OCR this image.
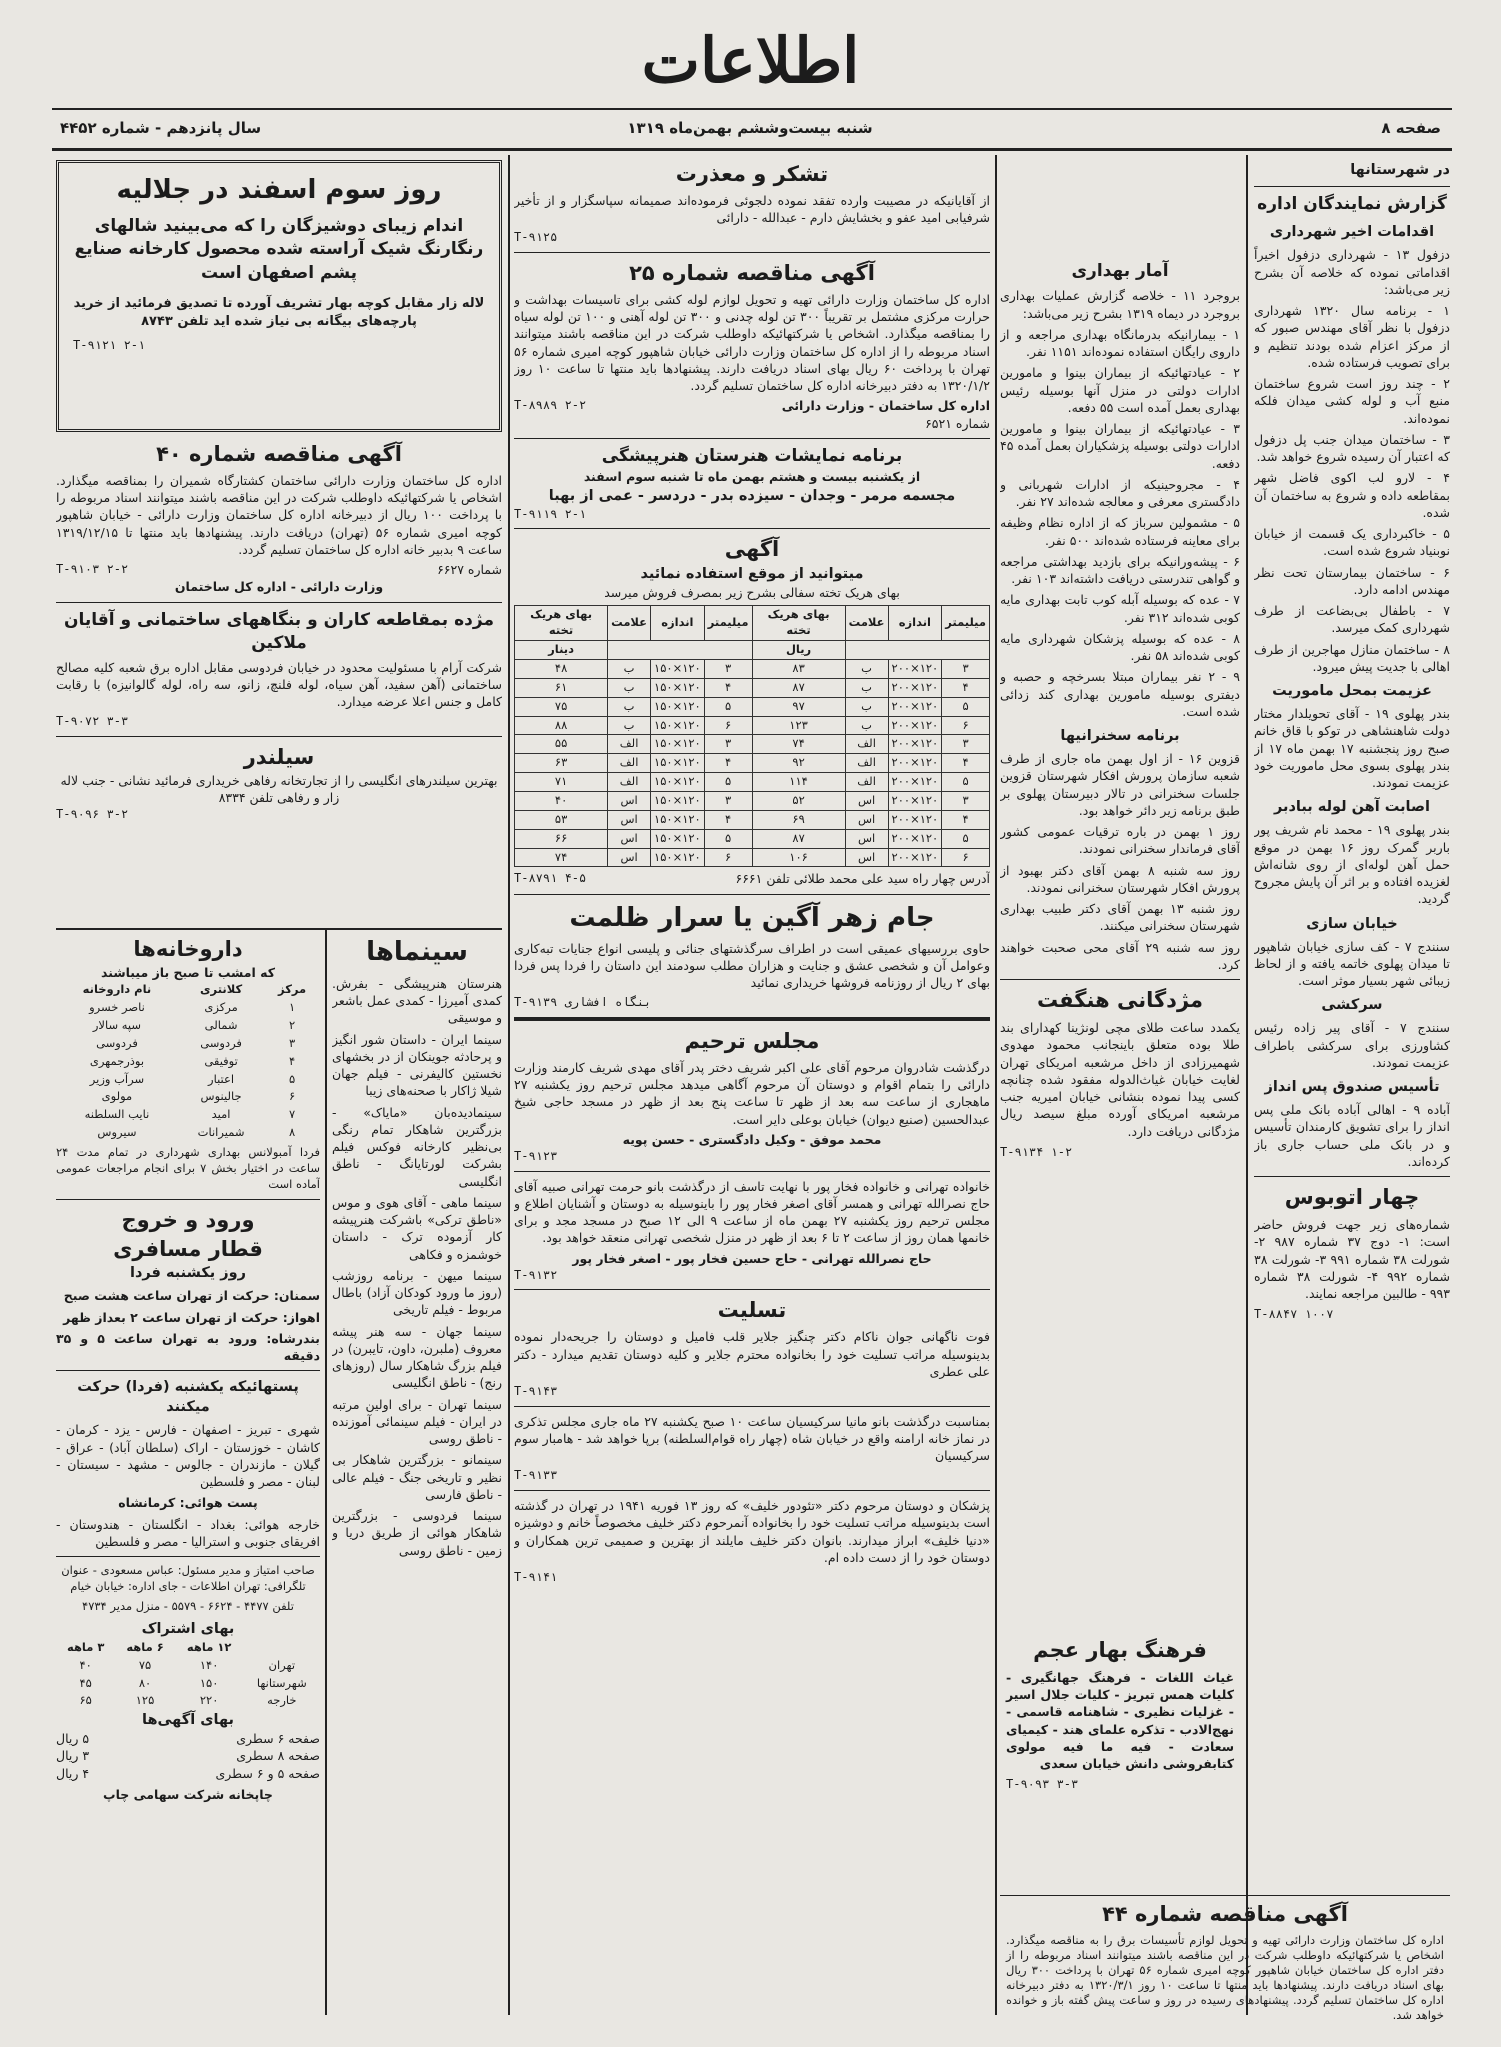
اطلاعات
صفحه ۸
شنبه بیست‌وششم بهمن‌ماه ۱۳۱۹
سال پانزدهم - شماره ۴۴۵۲
در شهرستانها
گزارش نمایندگان اداره
اقدامات اخیر شهرداری
دزفول ۱۳ - شهرداری دزفول اخیراً اقداماتی نموده که خلاصه آن بشرح زیر می‌باشد:
۱ - برنامه سال ۱۳۲۰ شهرداری دزفول با نظر آقای مهندس صبور که از مرکز اعزام شده بودند تنظیم و برای تصویب فرستاده شده.
۲ - چند روز است شروع ساختمان منبع آب و لوله کشی میدان فلکه نموده‌اند.
۳ - ساختمان میدان جنب پل دزفول که اعتبار آن رسیده شروع خواهد شد.
۴ - لارو لب اکوی فاضل شهر بمقاطعه داده و شروع به ساختمان آن شده.
۵ - خاکبرداری یک قسمت از خیابان نوبنیاد شروع شده است.
۶ - ساختمان بیمارستان تحت نظر مهندس ادامه دارد.
۷ - باطفال بی‌بضاعت از طرف شهرداری کمک میرسد.
۸ - ساختمان منازل مهاجرین از طرف اهالی با جدیت پیش میرود.
عزیمت بمحل ماموریت
بندر پهلوی ۱۹ - آقای تحویلدار مختار دولت شاهنشاهی در توکو با قاق خانم صبح روز پنجشنبه ۱۷ بهمن ماه ۱۷ از بندر پهلوی بسوی محل ماموریت خود عزیمت نمودند.
اصابت آهن لوله ببادبر
بندر پهلوی ۱۹ - محمد نام شریف پور باربر گمرک روز ۱۶ بهمن در موقع حمل آهن لوله‌ای از روی شانه‌اش لغزیده افتاده و بر اثر آن پایش مجروح گردید.
خیابان سازی
سنندج ۷ - کف سازی خیابان شاهپور تا میدان پهلوی خاتمه یافته و از لحاظ زیبائی شهر بسیار موثر است.
سرکشی
سنندج ۷ - آقای پیر زاده رئیس کشاورزی برای سرکشی باطراف عزیمت نمودند.
تأسیس صندوق پس انداز
آباده ۹ - اهالی آباده بانک ملی پس انداز را برای تشویق کارمندان تأسیس و در بانک ملی حساب جاری باز کرده‌اند.
چهار اتوبوس
شماره‌های زیر جهت فروش حاضر است: ۱- دوج ۳۷ شماره ۹۸۷ ۲- شورلت ۳۸ شماره ۹۹۱ ۳- شورلت ۳۸ شماره ۹۹۲ ۴- شورلت ۳۸ شماره ۹۹۳ - طالبین مراجعه نمایند.
T-۸۸۴۷ ۱۰۰۷
آمار بهداری
بروجرد ۱۱ - خلاصه گزارش عملیات بهداری بروجرد در دیماه ۱۳۱۹ بشرح زیر می‌باشد:
۱ - بیمارانیکه بدرمانگاه بهداری مراجعه و از داروی رایگان استفاده نموده‌اند ۱۱۵۱ نفر.
۲ - عیادتهائیکه از بیماران بینوا و مامورین ادارات دولتی در منزل آنها بوسیله رئیس بهداری بعمل آمده است ۵۵ دفعه.
۳ - عیادتهائیکه از بیماران بینوا و مامورین ادارات دولتی بوسیله پزشکیاران بعمل آمده ۴۵ دفعه.
۴ - مجروحینیکه از ادارات شهربانی و دادگستری معرفی و معالجه شده‌اند ۲۷ نفر.
۵ - مشمولین سرباز که از اداره نظام وظیفه برای معاینه فرستاده شده‌اند ۵۰۰ نفر.
۶ - پیشه‌ورانیکه برای بازدید بهداشتی مراجعه و گواهی تندرستی دریافت داشته‌اند ۱۰۳ نفر.
۷ - عده که بوسیله آبله کوب تابت بهداری مایه کوبی شده‌اند ۳۱۲ نفر.
۸ - عده که بوسیله پزشکان شهرداری مایه کوبی شده‌اند ۵۸ نفر.
۹ - ۲ نفر بیماران مبتلا بسرخچه و حصبه و دیفتری بوسیله مامورین بهداری کند زدائی شده است.
برنامه سخنرانیها
قزوین ۱۶ - از اول بهمن ماه جاری از طرف شعبه سازمان پرورش افکار شهرستان قزوین جلسات سخنرانی در تالار دبیرستان پهلوی بر طبق برنامه زیر دائر خواهد بود.
روز ۱ بهمن در باره ترقیات عمومی کشور آقای فرماندار سخنرانی نمودند.
روز سه شنبه ۸ بهمن آقای دکتر بهبود از پرورش افکار شهرستان سخنرانی نمودند.
روز شنبه ۱۳ بهمن آقای دکتر طبیب بهداری شهرستان سخنرانی میکنند.
روز سه شنبه ۲۹ آقای محی صحبت خواهند کرد.
مژدگانی هنگفت
یکمدد ساعت طلای مچی لونژینا کهدارای بند طلا بوده متعلق باینجانب محمود مهدوی شهمیرزادی از داخل مرشعبه امریکای تهران لغایت خیابان غیاث‌الدوله مفقود شده چنانچه کسی پیدا نموده بنشانی خیابان امیریه جنب مرشعبه امریکای آورده مبلغ سیصد ریال مژدگانی دریافت دارد.
T-۹۱۳۴ ۱-۲
فرهنگ بهار عجم
غیاث اللغات - فرهنگ جهانگیری - کلیات همس تبریز - کلیات جلال اسیر - غزلیات نظیری - شاهنامه قاسمی - نهج‌الادب - تذکره علمای هند - کیمیای سعادت - فیه ما فیه مولوی کتابفروشی دانش خیابان سعدی
T-۹۰۹۳ ۳-۳
آگهی مناقصه شماره ۴۴
اداره کل ساختمان وزارت دارائی تهیه و تحویل لوازم تأسیسات برق را به مناقصه میگذارد. اشخاص یا شرکتهائیکه داوطلب شرکت در این مناقصه باشند میتوانند اسناد مربوطه را از دفتر اداره کل ساختمان خیابان شاهپور کوچه امیری شماره ۵۶ تهران با پرداخت ۳۰۰ ریال بهای اسناد دریافت دارند. پیشنهادها باید منتها تا ساعت ۱۰ روز ۱۳۲۰/۳/۱ به دفتر دبیرخانه اداره کل ساختمان تسلیم گردد. پیشنهادهای رسیده در روز و ساعت پیش گفته باز و خوانده خواهد شد.
تشکر و معذرت
از آقایانیکه در مصیبت وارده تفقد نموده دلجوئی فرموده‌اند صمیمانه سپاسگزار و از تأخیر شرفیابی امید عفو و بخشایش دارم - عبدالله - دارائی
T-۹۱۲۵
آگهی مناقصه شماره ۲۵
اداره کل ساختمان وزارت دارائی تهیه و تحویل لوازم لوله کشی برای تاسیسات بهداشت و حرارت مرکزی مشتمل بر تقریباً ۳۰۰ تن لوله چدنی و ۳۰۰ تن لوله آهنی و ۱۰۰ تن لوله سیاه را بمناقصه میگذارد. اشخاص یا شرکتهائیکه داوطلب شرکت در این مناقصه باشند میتوانند اسناد مربوطه را از اداره کل ساختمان وزارت دارائی خیابان شاهپور کوچه امیری شماره ۵۶ تهران با پرداخت ۶۰ ریال بهای اسناد دریافت دارند. پیشنهادها باید منتها تا ساعت ۱۰ روز ۱۳۲۰/۱/۲ به دفتر دبیرخانه اداره کل ساختمان تسلیم گردد.
اداره کل ساختمان - وزارت دارائی
T-۸۹۸۹ ۲-۲
شماره ۶۵۲۱
برنامه نمایشات هنرستان هنرپیشگی
از یکشنبه بیست و هشتم بهمن ماه تا شنبه سوم اسفند
مجسمه مرمر - وجدان - سیزده بدر - دردسر - عمی از بهبا
T-۹۱۱۹ ۲-۱
آگهی
میتوانید از موقع استفاده نمائید
بهای هریک تخته سفالی بشرح زیر بمصرف فروش میرسد
میلیمتر	اندازه	علامت	بهای هریک تخته	میلیمتر	اندازه	علامت	بهای هریک تخته
			ریال				دینار
۳	۱۲۰×۲۰۰	ب	۸۳	۳	۱۲۰×۱۵۰	ب	۴۸
۴	۱۲۰×۲۰۰	ب	۸۷	۴	۱۲۰×۱۵۰	ب	۶۱
۵	۱۲۰×۲۰۰	ب	۹۷	۵	۱۲۰×۱۵۰	ب	۷۵
۶	۱۲۰×۲۰۰	ب	۱۲۳	۶	۱۲۰×۱۵۰	ب	۸۸
۳	۱۲۰×۲۰۰	الف	۷۴	۳	۱۲۰×۱۵۰	الف	۵۵
۴	۱۲۰×۲۰۰	الف	۹۲	۴	۱۲۰×۱۵۰	الف	۶۳
۵	۱۲۰×۲۰۰	الف	۱۱۴	۵	۱۲۰×۱۵۰	الف	۷۱
۳	۱۲۰×۲۰۰	اس	۵۲	۳	۱۲۰×۱۵۰	اس	۴۰
۴	۱۲۰×۲۰۰	اس	۶۹	۴	۱۲۰×۱۵۰	اس	۵۳
۵	۱۲۰×۲۰۰	اس	۸۷	۵	۱۲۰×۱۵۰	اس	۶۶
۶	۱۲۰×۲۰۰	اس	۱۰۶	۶	۱۲۰×۱۵۰	اس	۷۴
آدرس چهار راه سید علی محمد طلائی تلفن ۶۶۶۱
T-۸۷۹۱ ۴-۵
جام زهر آگین یا سرار ظلمت
حاوی بررسیهای عمیقی است در اطراف سرگذشتهای جنائی و پلیسی انواع جنایات تبه‌کاری وعوامل آن و شخصی عشق و جنایت و هزاران مطلب سودمند این داستان را فردا پس فردا بهای ۲ ریال از روزنامه فروشها خریداری نمائید
T-۹۱۳۹ بنگاه افشاری
مجلس ترحیم
درگذشت شادروان مرحوم آقای علی اکبر شریف دختر پدر آقای مهدی شریف کارمند وزارت دارائی را بتمام اقوام و دوستان آن مرحوم آگاهی میدهد مجلس ترحیم روز یکشنبه ۲۷ ماهجاری از ساعت سه بعد از ظهر تا ساعت پنج بعد از ظهر در مسجد حاجی شیخ عبدالحسین (صنیع دیوان) خیابان بوعلی دایر است.
محمد موفق - وکیل دادگستری - حسن پویه
T-۹۱۲۳
خانواده تهرانی و خانواده فخار پور با نهایت تاسف از درگذشت بانو حرمت تهرانی صبیه آقای حاج نصرالله تهرانی و همسر آقای اصغر فخار پور را باینوسیله به دوستان و آشنایان اطلاع و مجلس ترحیم روز یکشنبه ۲۷ بهمن ماه از ساعت ۹ الی ۱۲ صبح در مسجد مجد و برای خانمها همان روز از ساعت ۲ تا ۶ بعد از ظهر در منزل شخصی تهرانی منعقد خواهد بود.
حاج نصرالله تهرانی - حاج حسین فخار پور - اصغر فخار پور
T-۹۱۳۲
تسلیت
فوت ناگهانی جوان ناکام دکتر چنگیز جلایر قلب فامیل و دوستان را جریحه‌دار نموده بدینوسیله مراتب تسلیت خود را بخانواده محترم جلایر و کلیه دوستان تقدیم میدارد - دکتر علی عطری
T-۹۱۴۳
بمناسبت درگذشت بانو مانیا سرکیسیان ساعت ۱۰ صبح یکشنبه ۲۷ ماه جاری مجلس تذکری در نماز خانه ارامنه واقع در خیابان شاه (چهار راه قوام‌السلطنه) برپا خواهد شد - هامبار سوم سرکیسیان
T-۹۱۳۳
پزشکان و دوستان مرحوم دکتر «تئودور خلیف» که روز ۱۳ فوریه ۱۹۴۱ در تهران در گذشته است بدینوسیله مراتب تسلیت خود را بخانواده آنمرحوم دکتر خلیف مخصوصاً خانم و دوشیزه «دنیا خلیف» ابراز میدارند. بانوان دکتر خلیف مایلند از بهترین و صمیمی ترین همکاران و دوستان خود را از دست داده ام.
T-۹۱۴۱
روز سوم اسفند در جلالیه
اندام زیبای دوشیزگان را که می‌بینید شالهای رنگارنگ شیک آراسته شده محصول کارخانه صنایع پشم اصفهان است
لاله زار مقابل کوچه بهار تشریف آورده تا تصدیق فرمائید از خرید پارچه‌های بیگانه بی نیاز شده اید تلفن ۸۷۴۳
T-۹۱۲۱ ۲-۱
آگهی مناقصه شماره ۴۰
اداره کل ساختمان وزارت دارائی ساختمان کشتارگاه شمیران را بمناقصه میگذارد. اشخاص یا شرکتهائیکه داوطلب شرکت در این مناقصه باشند میتوانند اسناد مربوطه را با پرداخت ۱۰۰ ریال از دبیرخانه اداره کل ساختمان وزارت دارائی - خیابان شاهپور کوچه امیری شماره ۵۶ (تهران) دریافت دارند. پیشنهادها باید منتها تا ۱۳۱۹/۱۲/۱۵ ساعت ۹ بدبیر خانه اداره کل ساختمان تسلیم گردد.
شماره ۶۶۲۷
T-۹۱۰۳ ۲-۲
وزارت دارائی - اداره کل ساختمان
مژده بمقاطعه کاران و بنگاههای ساختمانی و آقایان ملاکین
شرکت آرام با مسئولیت محدود در خیابان فردوسی مقابل اداره برق شعبه کلیه مصالح ساختمانی (آهن سفید، آهن سیاه، لوله فلنچ، زانو، سه راه، لوله گالوانیزه) با رقابت کامل و جنس اعلا عرضه میدارد.
T-۹۰۷۲ ۳-۳
سیلندر
بهترین سیلندرهای انگلیسی را از تجارتخانه رفاهی خریداری فرمائید نشانی - جنب لاله زار و رفاهی تلفن ۸۳۳۴
T-۹۰۹۶ ۳-۲
سینماها
هنرستان هنرپیشگی - بفرش. کمدی آمیرزا - کمدی عمل باشعر و موسیقی
سینما ایران - داستان شور انگیز و پرحادثه جوینکان از در بخشهای نخستین کالیفرنی - فیلم جهان شیلا ژاکار با صحنه‌های زیبا
سینمادیده‌بان «مایاک» - بزرگترین شاهکار تمام رنگی بی‌نظیر کارخانه فوکس فیلم بشرکت لورتایانگ - ناطق انگلیسی
سینما ماهی - آقای هوی و موس «ناطق ترکی» باشرکت هنرپیشه کار آزموده ترک - داستان خوشمزه و فکاهی
سینما میهن - برنامه روزشب (روز ما ورود کودکان آزاد) باطال مربوط - فیلم تاریخی
سینما جهان - سه هنر پیشه معروف (ملبرن، داون، تایبرن) در فیلم بزرگ شاهکار سال (روزهای رنج) - ناطق انگلیسی
سینما تهران - برای اولین مرتبه در ایران - فیلم سینمائی آموزنده - ناطق روسی
سینمانو - بزرگترین شاهکار بی نظیر و تاریخی جنگ - فیلم عالی - ناطق فارسی
سینما فردوسی - بزرگترین شاهکار هوائی از طریق دریا و زمین - ناطق روسی
داروخانه‌ها
که امشب تا صبح باز میباشند
مرکز	کلانتری	نام داروخانه
۱	مرکزی	ناصر خسرو
۲	شمالی	سپه سالار
۳	فردوسی	فردوسی
۴	توفیقی	بوذرجمهری
۵	اعتبار	سرآب وزیر
۶	جالینوس	مولوی
۷	امید	نایب السلطنه
۸	شمیرانات	سیروس
فردا آمبولانس بهداری شهرداری در تمام مدت ۲۴ ساعت در اختیار بخش ۷ برای انجام مراجعات عمومی آماده است
ورود و خروج
قطار مسافری
روز یکشنبه فردا
سمنان: حرکت از تهران ساعت هشت صبح
اهواز: حرکت از تهران ساعت ۲ بعداز ظهر
بندرشاه: ورود به تهران ساعت ۵ و ۳۵ دقیقه
پستهائیکه یکشنبه (فردا) حرکت میکنند
شهری - تبریز - اصفهان - فارس - یزد - کرمان - کاشان - خوزستان - اراک (سلطان آباد) - عراق - گیلان - مازندران - جالوس - مشهد - سیستان - لبنان - مصر و فلسطین
پست هوائی: کرمانشاه
خارجه هوائی: بغداد - انگلستان - هندوستان - افریقای جنوبی و استرالیا - مصر و فلسطین
صاحب امتیاز و مدیر مسئول: عباس مسعودی - عنوان تلگرافی: تهران اطلاعات - جای اداره: خیابان خیام
تلفن ۴۴۷۷ - ۶۶۲۴ - ۵۵۷۹ - منزل مدیر ۴۷۳۴
بهای اشتراک
	۱۲ ماهه	۶ ماهه	۳ ماهه
تهران	۱۴۰	۷۵	۴۰
شهرستانها	۱۵۰	۸۰	۴۵
خارجه	۲۲۰	۱۲۵	۶۵
بهای آگهی‌ها
صفحه ۶ سطری
۵ ریال
صفحه ۸ سطری
۳ ریال
صفحه ۵ و ۶ سطری
۴ ریال
چاپخانه شرکت سهامی چاپ
